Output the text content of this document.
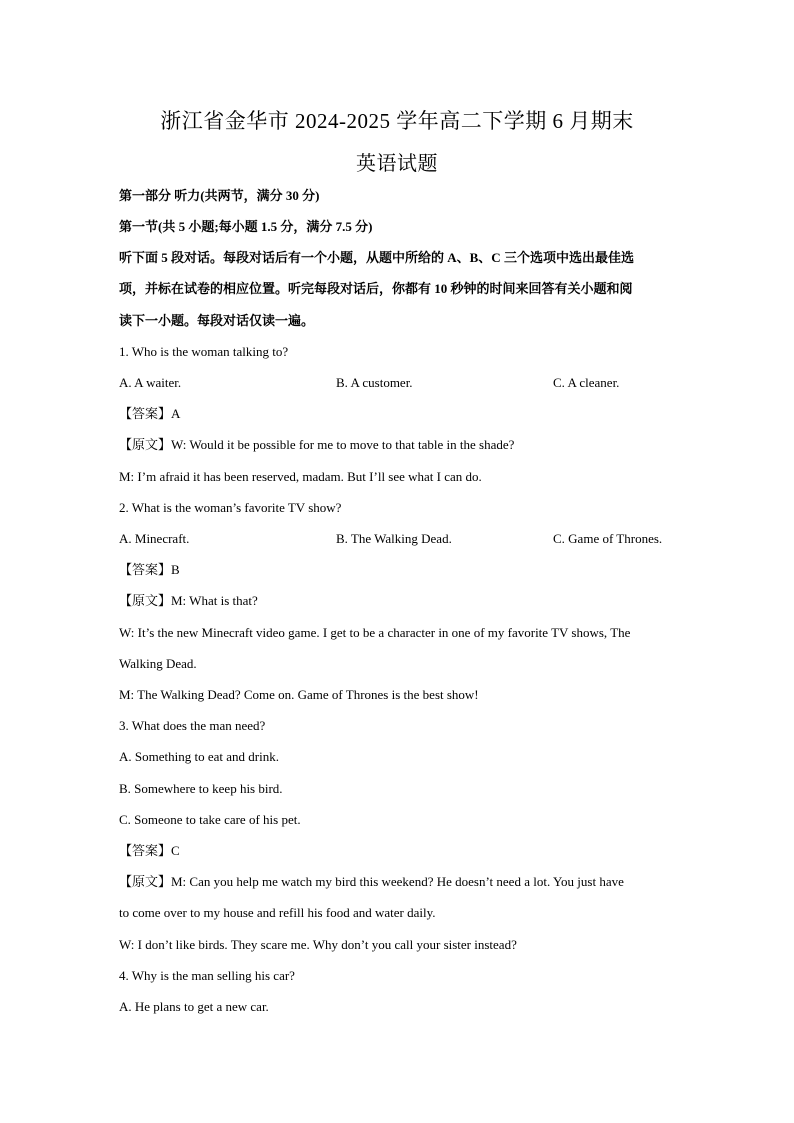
浙江省金华市 2024-2025 学年高二下学期 6 月期末
英语试题
第一部分 听力(共两节，满分 30 分)
第一节(共 5 小题;每小题 1.5 分，满分 7.5 分)
听下面 5 段对话。每段对话后有一个小题，从题中所给的 A、B、C 三个选项中选出最佳选
项，并标在试卷的相应位置。听完每段对话后，你都有 10 秒钟的时间来回答有关小题和阅
读下一小题。每段对话仅读一遍。
1. Who is the woman talking to?
A. A waiter.	B. A customer.	C. A cleaner.
【答案】A
【原文】W: Would it be possible for me to move to that table in the shade?
M: I’m afraid it has been reserved, madam. But I’ll see what I can do.
2. What is the woman’s favorite TV show?
A. Minecraft.	B. The Walking Dead.	C. Game of Thrones.
【答案】B
【原文】M: What is that?
W: It’s the new Minecraft video game. I get to be a character in one of my favorite TV shows, The
Walking Dead.
M: The Walking Dead? Come on. Game of Thrones is the best show!
3. What does the man need?
A. Something to eat and drink.
B. Somewhere to keep his bird.
C. Someone to take care of his pet.
【答案】C
【原文】M: Can you help me watch my bird this weekend? He doesn’t need a lot. You just have
to come over to my house and refill his food and water daily.
W: I don’t like birds. They scare me. Why don’t you call your sister instead?
4. Why is the man selling his car?
A. He plans to get a new car.
